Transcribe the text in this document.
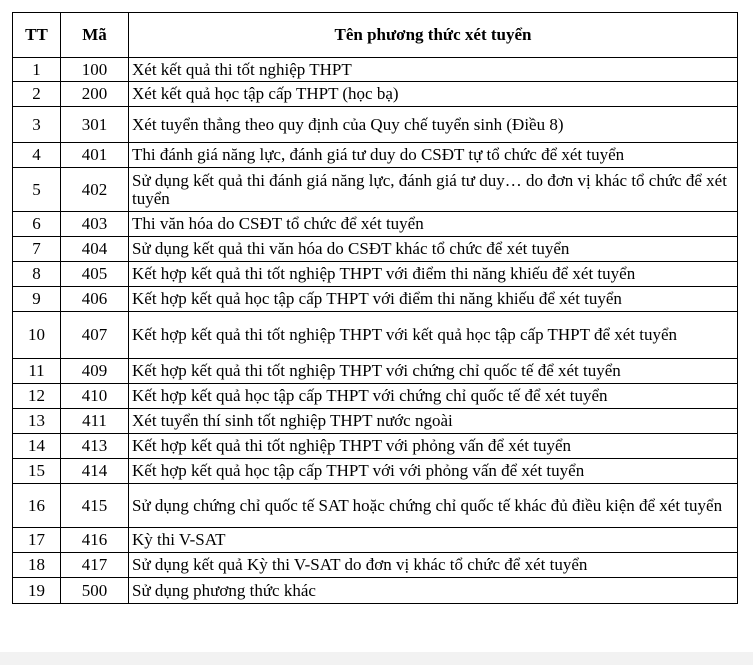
TT	Mã	Tên phương thức xét tuyển
1	100	Xét kết quả thi tốt nghiệp THPT
2	200	Xét kết quả học tập cấp THPT (học bạ)
3	301	Xét tuyển thẳng theo quy định của Quy chế tuyển sinh (Điều 8)
4	401	Thi đánh giá năng lực, đánh giá tư duy do CSĐT tự tổ chức để xét tuyển
5	402	Sử dụng kết quả thi đánh giá năng lực, đánh giá tư duy… do đơn vị khác tổ chức để xét tuyển
6	403	Thi văn hóa do CSĐT tổ chức để xét tuyển
7	404	Sử dụng kết quả thi văn hóa do CSĐT khác tổ chức để xét tuyển
8	405	Kết hợp kết quả thi tốt nghiệp THPT với điểm thi năng khiếu để xét tuyển
9	406	Kết hợp kết quả học tập cấp THPT với điểm thi năng khiếu để xét tuyển
10	407	Kết hợp kết quả thi tốt nghiệp THPT với kết quả học tập cấp THPT để xét tuyển
11	409	Kết hợp kết quả thi tốt nghiệp THPT với chứng chỉ quốc tế để xét tuyển
12	410	Kết hợp kết quả học tập cấp THPT với chứng chỉ quốc tế để xét tuyển
13	411	Xét tuyển thí sinh tốt nghiệp THPT nước ngoài
14	413	Kết hợp kết quả thi tốt nghiệp THPT với phỏng vấn để xét tuyển
15	414	Kết hợp kết quả học tập cấp THPT với với phỏng vấn để xét tuyển
16	415	Sử dụng chứng chỉ quốc tế SAT hoặc chứng chỉ quốc tế khác đủ điều kiện để xét tuyển
17	416	Kỳ thi V-SAT
18	417	Sử dụng kết quả Kỳ thi V-SAT do đơn vị khác tổ chức để xét tuyển
19	500	Sử dụng phương thức khác
